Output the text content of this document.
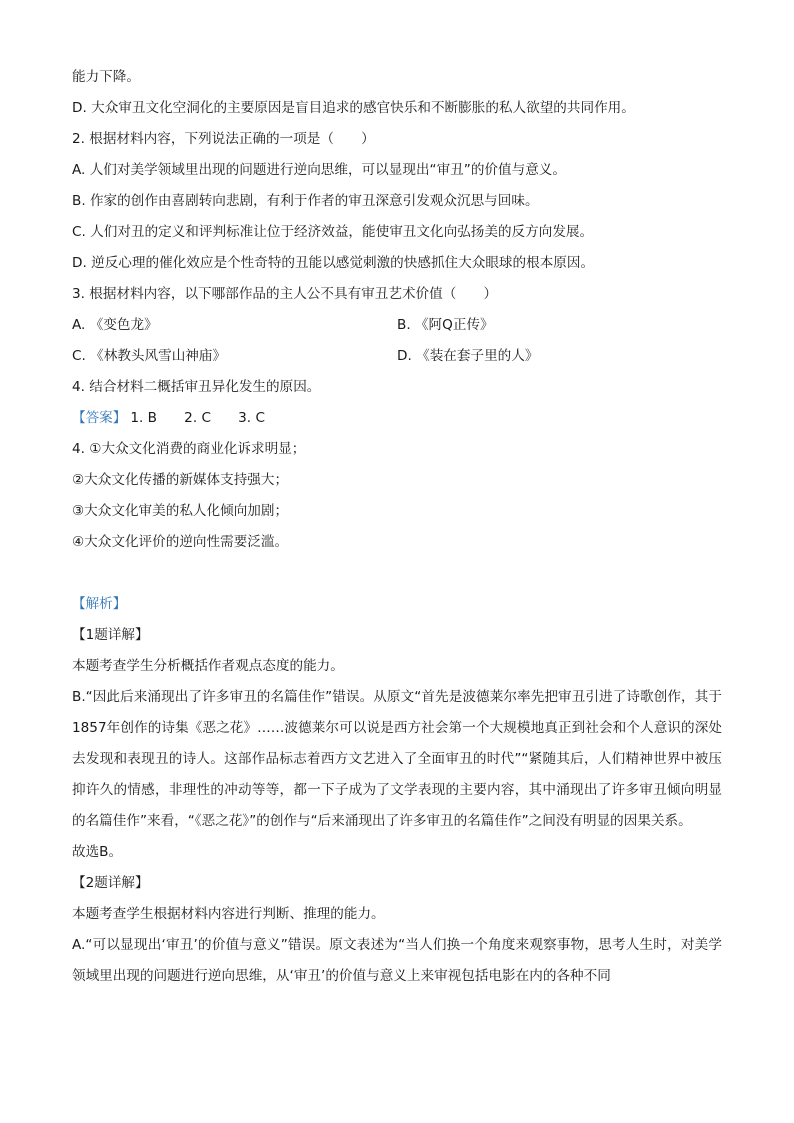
能力下降。
D. 大众审丑文化空洞化的主要原因是盲目追求的感官快乐和不断膨胀的私人欲望的共同作用。
2. 根据材料内容，下列说法正确的一项是（　　）
A. 人们对美学领域里出现的问题进行逆向思维，可以显现出“审丑”的价值与意义。
B. 作家的创作由喜剧转向悲剧，有利于作者的审丑深意引发观众沉思与回味。
C. 人们对丑的定义和评判标准让位于经济效益，能使审丑文化向弘扬美的反方向发展。
D. 逆反心理的催化效应是个性奇特的丑能以感觉刺激的快感抓住大众眼球的根本原因。
3. 根据材料内容，以下哪部作品的主人公不具有审丑艺术价值（　　）
A. 《变色龙》	B. 《阿Q正传》
C. 《林教头风雪山神庙》	D. 《装在套子里的人》
4. 结合材料二概括审丑异化发生的原因。
【答案】 1. B　　2. C　　3. C
4. ①大众文化消费的商业化诉求明显；
②大众文化传播的新媒体支持强大；
③大众文化审美的私人化倾向加剧；
④大众文化评价的逆向性需要泛滥。
【解析】
【1题详解】
本题考查学生分析概括作者观点态度的能力。
B.“因此后来涌现出了许多审丑的名篇佳作”错误。从原文“首先是波德莱尔率先把审丑引进了诗歌创作，其于1857年创作的诗集《恶之花》……波德莱尔可以说是西方社会第一个大规模地真正到社会和个人意识的深处去发现和表现丑的诗人。这部作品标志着西方文艺进入了全面审丑的时代”“紧随其后，人们精神世界中被压抑许久的情感，非理性的冲动等等，都一下子成为了文学表现的主要内容，其中涌现出了许多审丑倾向明显的名篇佳作”来看，“《恶之花》”的创作与“后来涌现出了许多审丑的名篇佳作”之间没有明显的因果关系。
故选B。
【2题详解】
本题考查学生根据材料内容进行判断、推理的能力。
A.“可以显现出‘审丑’的价值与意义”错误。原文表述为“当人们换一个角度来观察事物，思考人生时，对美学领域里出现的问题进行逆向思维，从‘审丑’的价值与意义上来审视包括电影在内的各种不同
